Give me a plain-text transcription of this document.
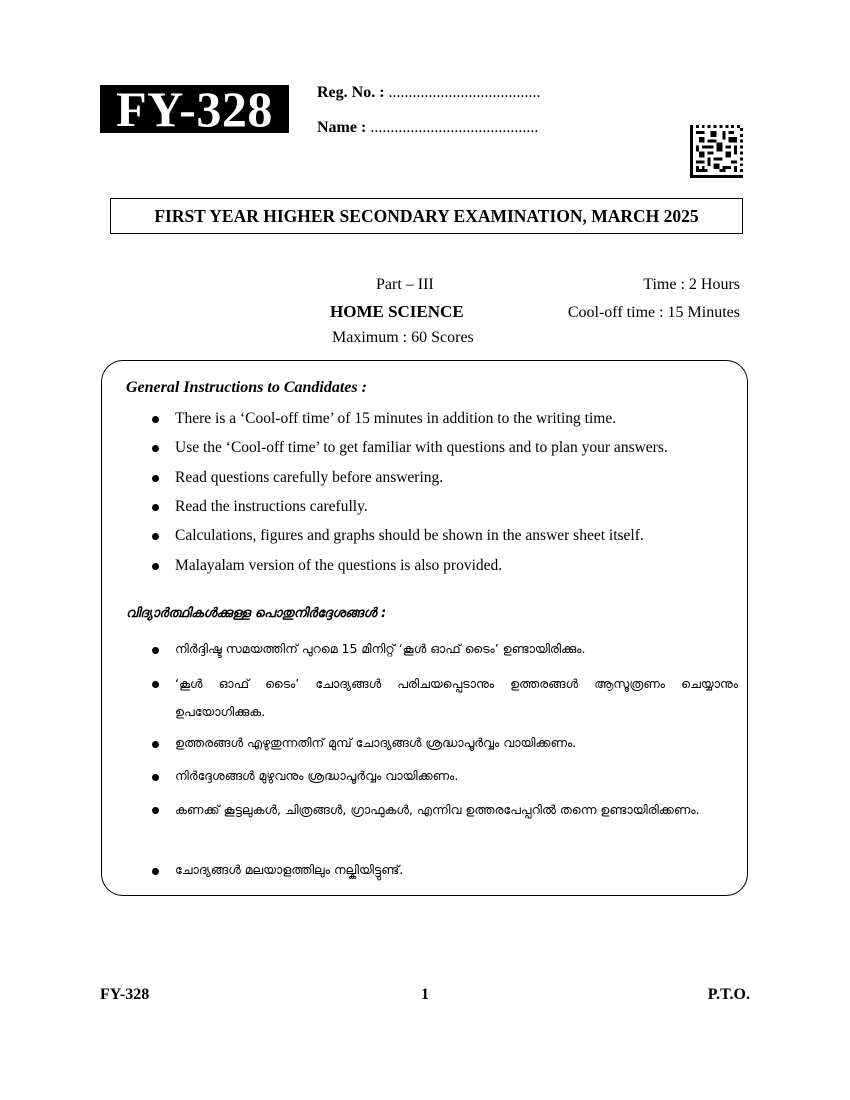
FY-328	Reg. No. : ......................................
Name : ..........................................
FIRST YEAR HIGHER SECONDARY EXAMINATION, MARCH 2025
Part – III
HOME SCIENCE
Maximum : 60 Scores
Time : 2 Hours
Cool-off time : 15 Minutes
General Instructions to Candidates :
There is a ‘Cool-off time’ of 15 minutes in addition to the writing time.
Use the ‘Cool-off time’ to get familiar with questions and to plan your answers.
Read questions carefully before answering.
Read the instructions carefully.
Calculations, figures and graphs should be shown in the answer sheet itself.
Malayalam version of the questions is also provided.
വിദ്യാർത്ഥികൾക്കുള്ള പൊതുനിർദ്ദേശങ്ങൾ :
നിർദ്ദിഷ്ട സമയത്തിന് പുറമെ 15 മിനിറ്റ് ‘കൂൾ ഓഫ് ടൈം’ ഉണ്ടായിരിക്കും.
‘കൂൾ ഓഫ് ടൈം’ ചോദ്യങ്ങൾ പരിചയപ്പെടാനും ഉത്തരങ്ങൾ ആസൂത്രണം ചെയ്യാനും ഉപയോഗിക്കുക.
ഉത്തരങ്ങൾ എഴുതുന്നതിന് മുമ്പ് ചോദ്യങ്ങൾ ശ്രദ്ധാപൂർവ്വം വായിക്കണം.
നിർദ്ദേശങ്ങൾ മുഴുവനും ശ്രദ്ധാപൂർവ്വം വായിക്കണം.
കണക്ക് കൂട്ടലുകൾ, ചിത്രങ്ങൾ, ഗ്രാഫുകൾ, എന്നിവ ഉത്തരപേപ്പറിൽ തന്നെ ഉണ്ടായിരിക്കണം.
ചോദ്യങ്ങൾ മലയാളത്തിലും നല്കിയിട്ടുണ്ട്.
FY-328	1	P.T.O.
